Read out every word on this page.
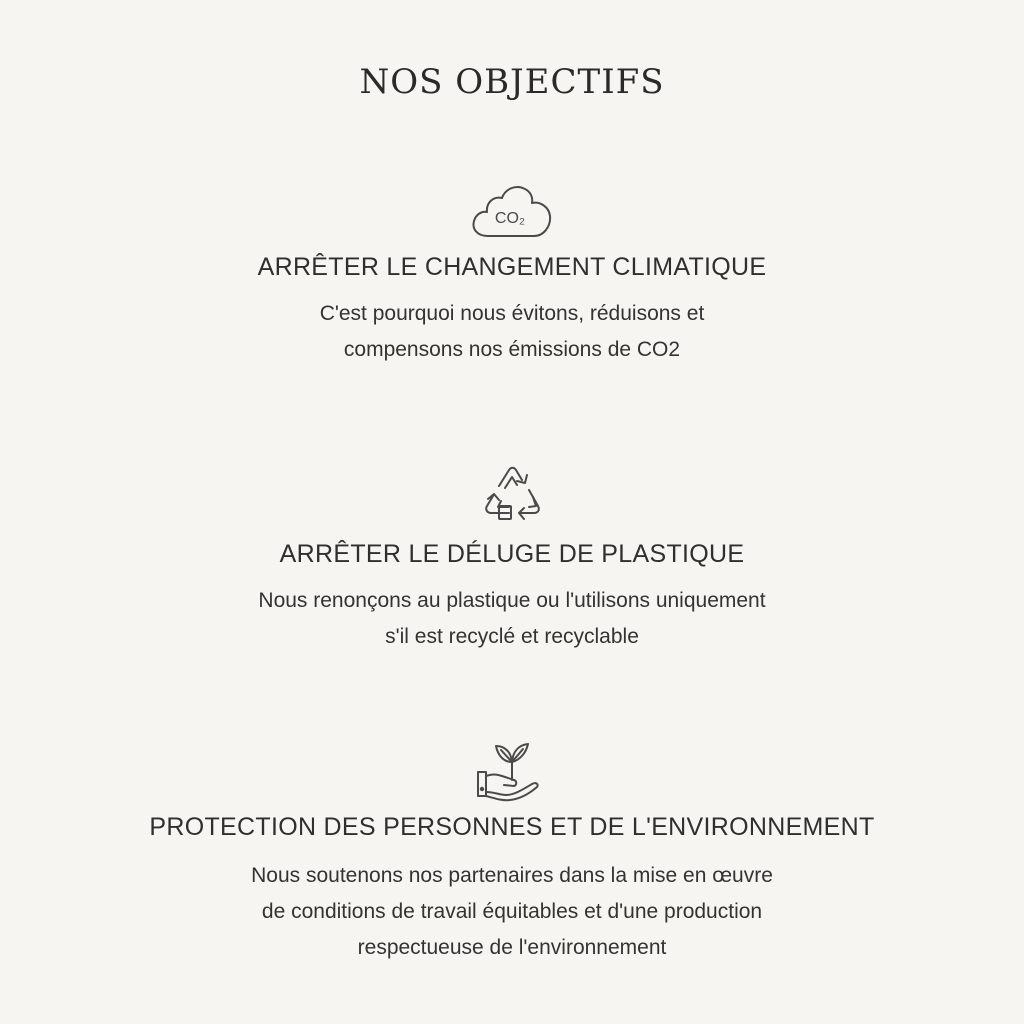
NOS OBJECTIFS
CO₂
ARRÊTER LE CHANGEMENT CLIMATIQUE

C'est pourquoi nous évitons, réduisons et
compensons nos émissions de CO2

ARRÊTER LE DÉLUGE DE PLASTIQUE

Nous renonçons au plastique ou l'utilisons uniquement
s'il est recyclé et recyclable

PROTECTION DES PERSONNES ET DE L'ENVIRONNEMENT

Nous soutenons nos partenaires dans la mise en œuvre
de conditions de travail équitables et d'une production
respectueuse de l'environnement
